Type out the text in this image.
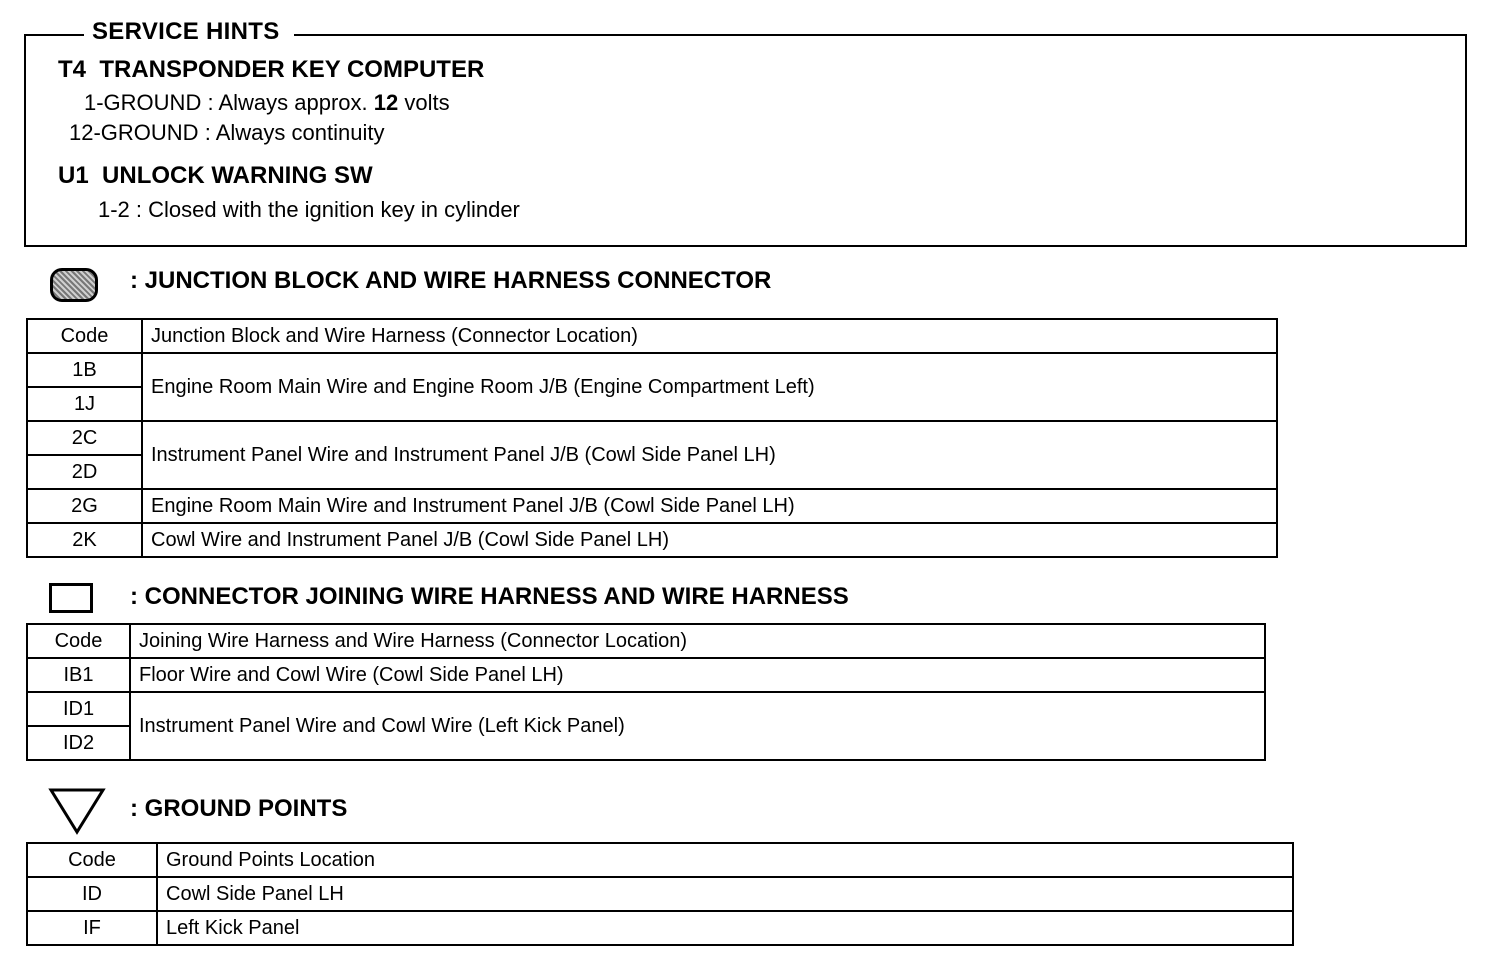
SERVICE HINTS
T4 TRANSPONDER KEY COMPUTER
1-GROUND : Always approx. 12 volts
12-GROUND : Always continuity
U1 UNLOCK WARNING SW
1-2 : Closed with the ignition key in cylinder
: JUNCTION BLOCK AND WIRE HARNESS CONNECTOR
Code	Junction Block and Wire Harness (Connector Location)
1B	Engine Room Main Wire and Engine Room J/B (Engine Compartment Left)
1J	
2C	Instrument Panel Wire and Instrument Panel J/B (Cowl Side Panel LH)
2D	
2G	Engine Room Main Wire and Instrument Panel J/B (Cowl Side Panel LH)
2K	Cowl Wire and Instrument Panel J/B (Cowl Side Panel LH)
: CONNECTOR JOINING WIRE HARNESS AND WIRE HARNESS
Code	Joining Wire Harness and Wire Harness (Connector Location)
IB1	Floor Wire and Cowl Wire (Cowl Side Panel LH)
ID1	Instrument Panel Wire and Cowl Wire (Left Kick Panel)
ID2	
: GROUND POINTS
Code	Ground Points Location
ID	Cowl Side Panel LH
IF	Left Kick Panel
